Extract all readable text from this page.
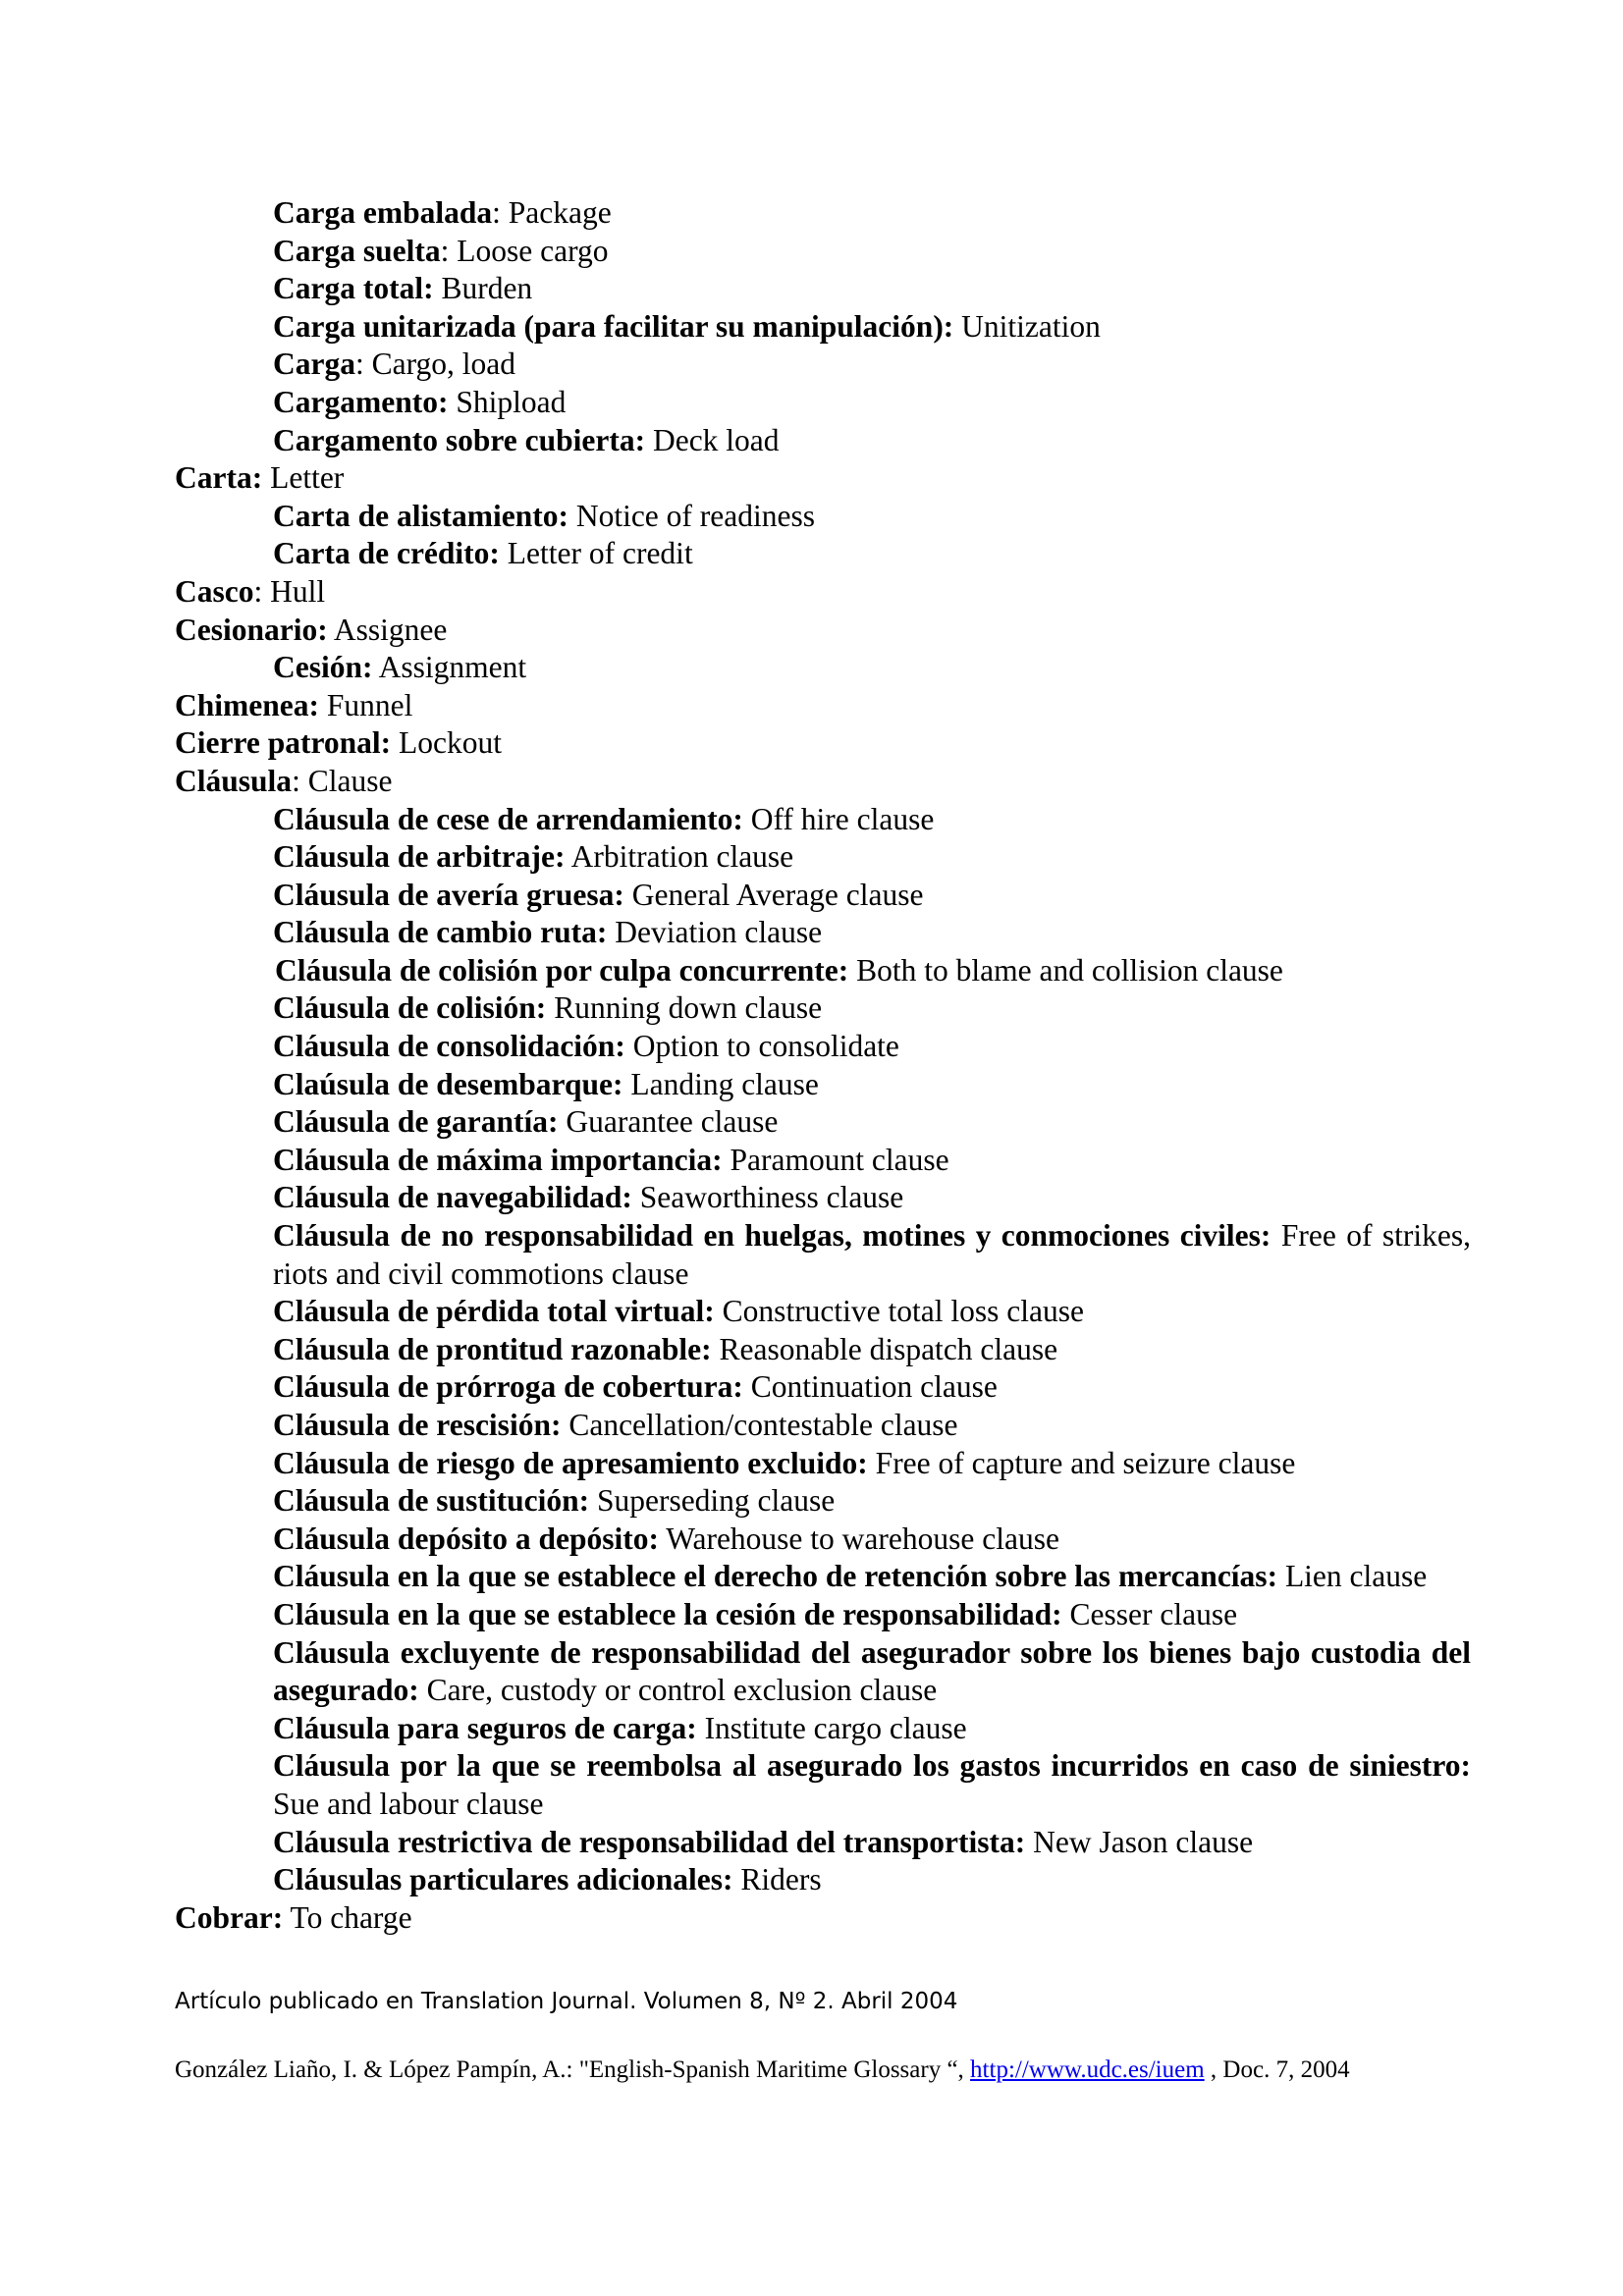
Carga embalada: Package

Carga suelta: Loose cargo

Carga total: Burden

Carga unitarizada (para facilitar su manipulación): Unitization

Carga: Cargo, load

Cargamento: Shipload

Cargamento sobre cubierta: Deck load

Carta: Letter

Carta de alistamiento: Notice of readiness

Carta de crédito: Letter of credit

Casco: Hull

Cesionario: Assignee

Cesión: Assignment

Chimenea: Funnel

Cierre patronal: Lockout

Cláusula: Clause

Cláusula de cese de arrendamiento: Off hire clause

Cláusula de arbitraje: Arbitration clause

Cláusula de avería gruesa: General Average clause

Cláusula de cambio ruta: Deviation clause

Cláusula de colisión por culpa concurrente: Both to blame and collision clause

Cláusula de colisión: Running down clause

Cláusula de consolidación: Option to consolidate

Claúsula de desembarque: Landing clause

Cláusula de garantía: Guarantee clause

Cláusula de máxima importancia: Paramount clause

Cláusula de navegabilidad: Seaworthiness clause

Cláusula de no responsabilidad en huelgas, motines y conmociones civiles: Free of strikes, riots and civil commotions clause

Cláusula de pérdida total virtual: Constructive total loss clause

Cláusula de prontitud razonable: Reasonable dispatch clause

Cláusula de prórroga de cobertura: Continuation clause

Cláusula de rescisión: Cancellation/contestable clause

Cláusula de riesgo de apresamiento excluido: Free of capture and seizure clause

Cláusula de sustitución: Superseding clause

Cláusula depósito a depósito: Warehouse to warehouse clause

Cláusula en la que se establece el derecho de retención sobre las mercancías: Lien clause

Cláusula en la que se establece la cesión de responsabilidad: Cesser clause

Cláusula excluyente de responsabilidad del asegurador sobre los bienes bajo custodia del asegurado: Care, custody or control exclusion clause

Cláusula para seguros de carga: Institute cargo clause

Cláusula por la que se reembolsa al asegurado los gastos incurridos en caso de siniestro: Sue and labour clause

Cláusula restrictiva de responsabilidad del transportista: New Jason clause

Cláusulas particulares adicionales: Riders

Cobrar: To charge

Artículo publicado en Translation Journal. Volumen 8, Nº 2. Abril 2004

González Liaño, I. & López Pampín, A.: "English-Spanish Maritime Glossary “, http://www.udc.es/iuem , Doc. 7, 2004
